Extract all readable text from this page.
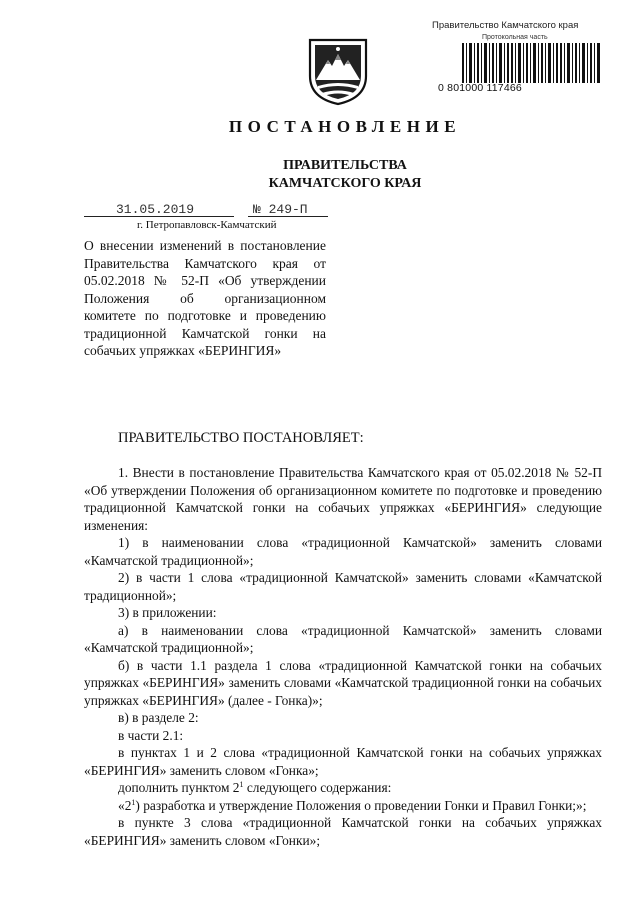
Правительство Камчатского края
Протокольная часть
0 801000 117466
ПОСТАНОВЛЕНИЕ
ПРАВИТЕЛЬСТВА
КАМЧАТСКОГО КРАЯ
31.05.2019	№ 249-П
г. Петропавловск-Камчатский
О внесении изменений в постановление Правительства Камчатского края от 05.02.2018 № 52-П «Об утверждении Положения об организационном комитете по подготовке и проведению традиционной Камчатской гонки на собачьих упряжках «БЕРИНГИЯ»
ПРАВИТЕЛЬСТВО ПОСТАНОВЛЯЕТ:

1. Внести в постановление Правительства Камчатского края от 05.02.2018 № 52-П «Об утверждении Положения об организационном комитете по подготовке и проведению традиционной Камчатской гонки на собачьих упряжках «БЕРИНГИЯ» следующие изменения:

1) в наименовании слова «традиционной Камчатской» заменить словами «Камчатской традиционной»;

2) в части 1 слова «традиционной Камчатской» заменить словами «Камчатской традиционной»;

3) в приложении:

а) в наименовании слова «традиционной Камчатской» заменить словами «Камчатской традиционной»;

б) в части 1.1 раздела 1 слова «традиционной Камчатской гонки на собачьих упряжках «БЕРИНГИЯ» заменить словами «Камчатской традиционной гонки на собачьих упряжках «БЕРИНГИЯ» (далее - Гонка)»;

в) в разделе 2:

в части 2.1:

в пунктах 1 и 2 слова «традиционной Камчатской гонки на собачьих упряжках «БЕРИНГИЯ» заменить словом «Гонка»;

дополнить пунктом $2^1$ следующего содержания:

«$2^1$) разработка и утверждение Положения о проведении Гонки и Правил Гонки;»;

в пункте 3 слова «традиционной Камчатской гонки на собачьих упряжках «БЕРИНГИЯ» заменить словом «Гонки»;
